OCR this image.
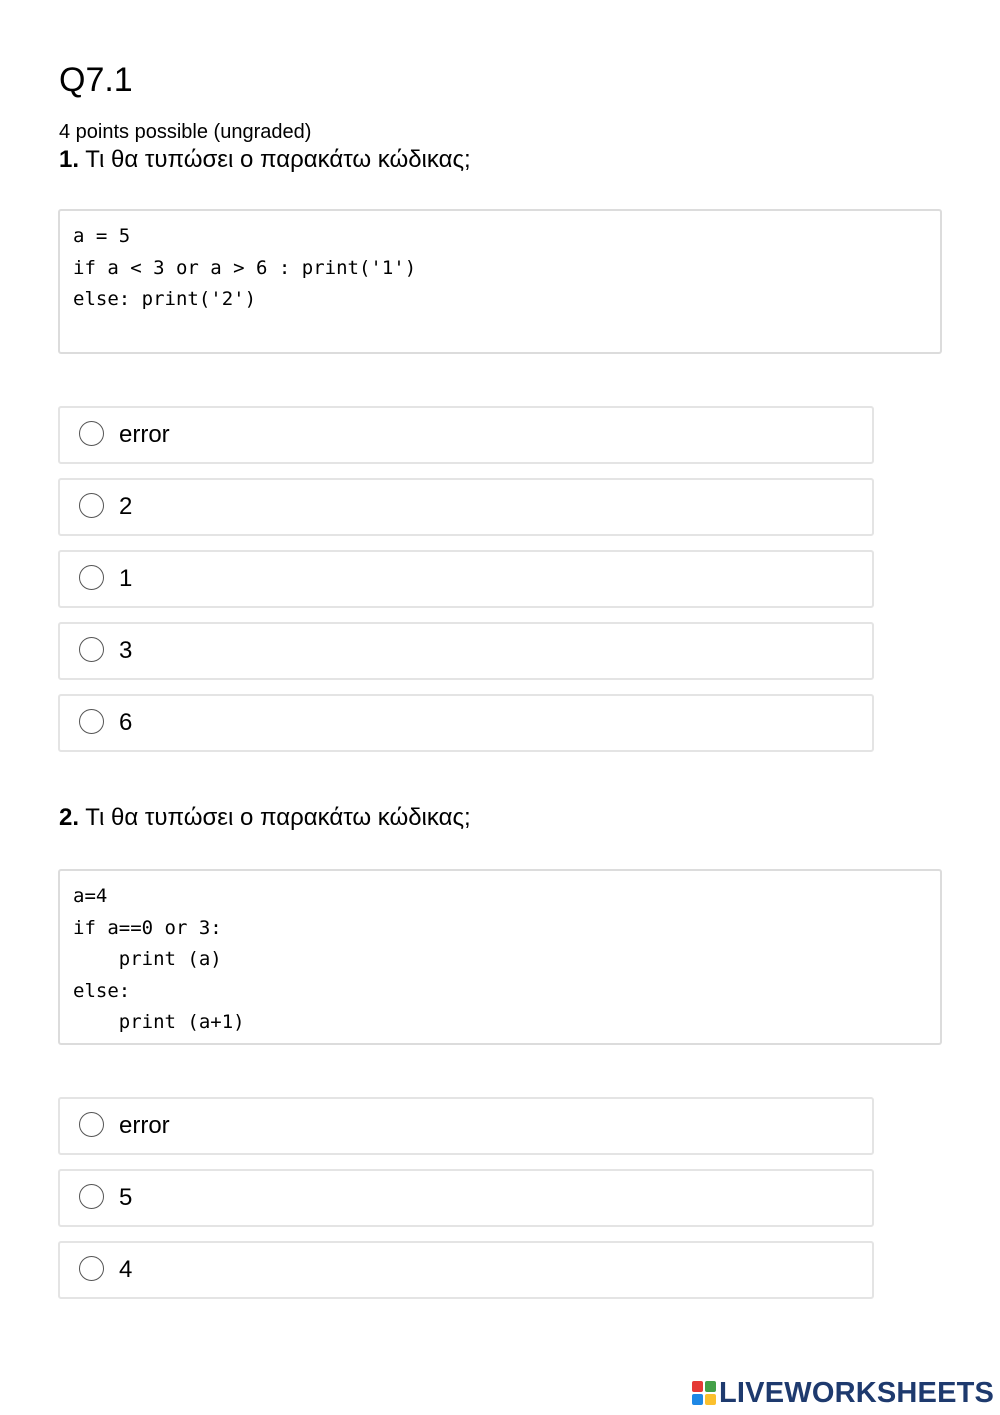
Q7.1
4 points possible (ungraded)
1. Τι θα τυπώσει ο παρακάτω κώδικας;
a = 5
if a < 3 or a > 6 : print('1')
else: print('2')
error
2
1
3
6
2. Τι θα τυπώσει ο παρακάτω κώδικας;
a=4
if a==0 or 3:
print (a)
else:
print (a+1)
error
5
4
LIVEWORKSHEETS
